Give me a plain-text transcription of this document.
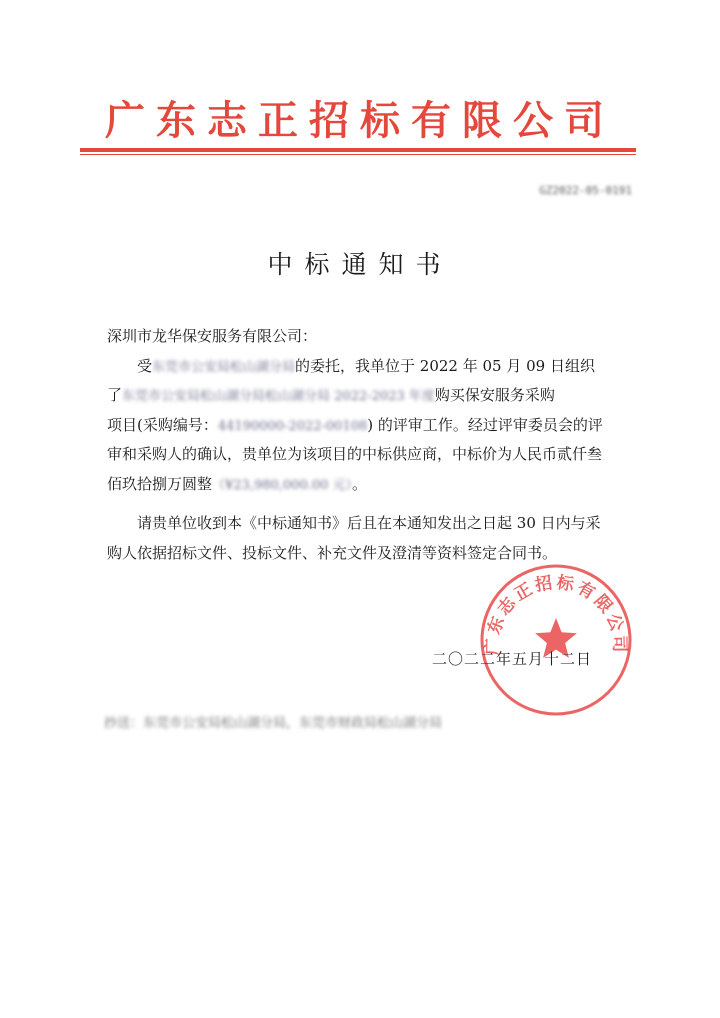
广东志正招标有限公司
GZ2022-05-0191
中标通知书
深圳市龙华保安服务有限公司：
受东莞市公安局松山湖分局的委托，我单位于 2022 年 05 月 09 日组织
了东莞市公安局松山湖分局松山湖分局 2022-2023 年度购买保安服务采购
项目(采购编号：44190000-2022-00108) 的评审工作。经过评审委员会的评
审和采购人的确认，贵单位为该项目的中标供应商，中标价为人民币贰仟叁
佰玖拾捌万圆整（¥23,980,000.00 元）。
请贵单位收到本《中标通知书》后且在本通知发出之日起 30 日内与采
购人依据招标文件、投标文件、补充文件及澄清等资料签定合同书。
广东志正招标有限公司
二〇二二年五月十二日
抄送：东莞市公安局松山湖分局，东莞市财政局松山湖分局
